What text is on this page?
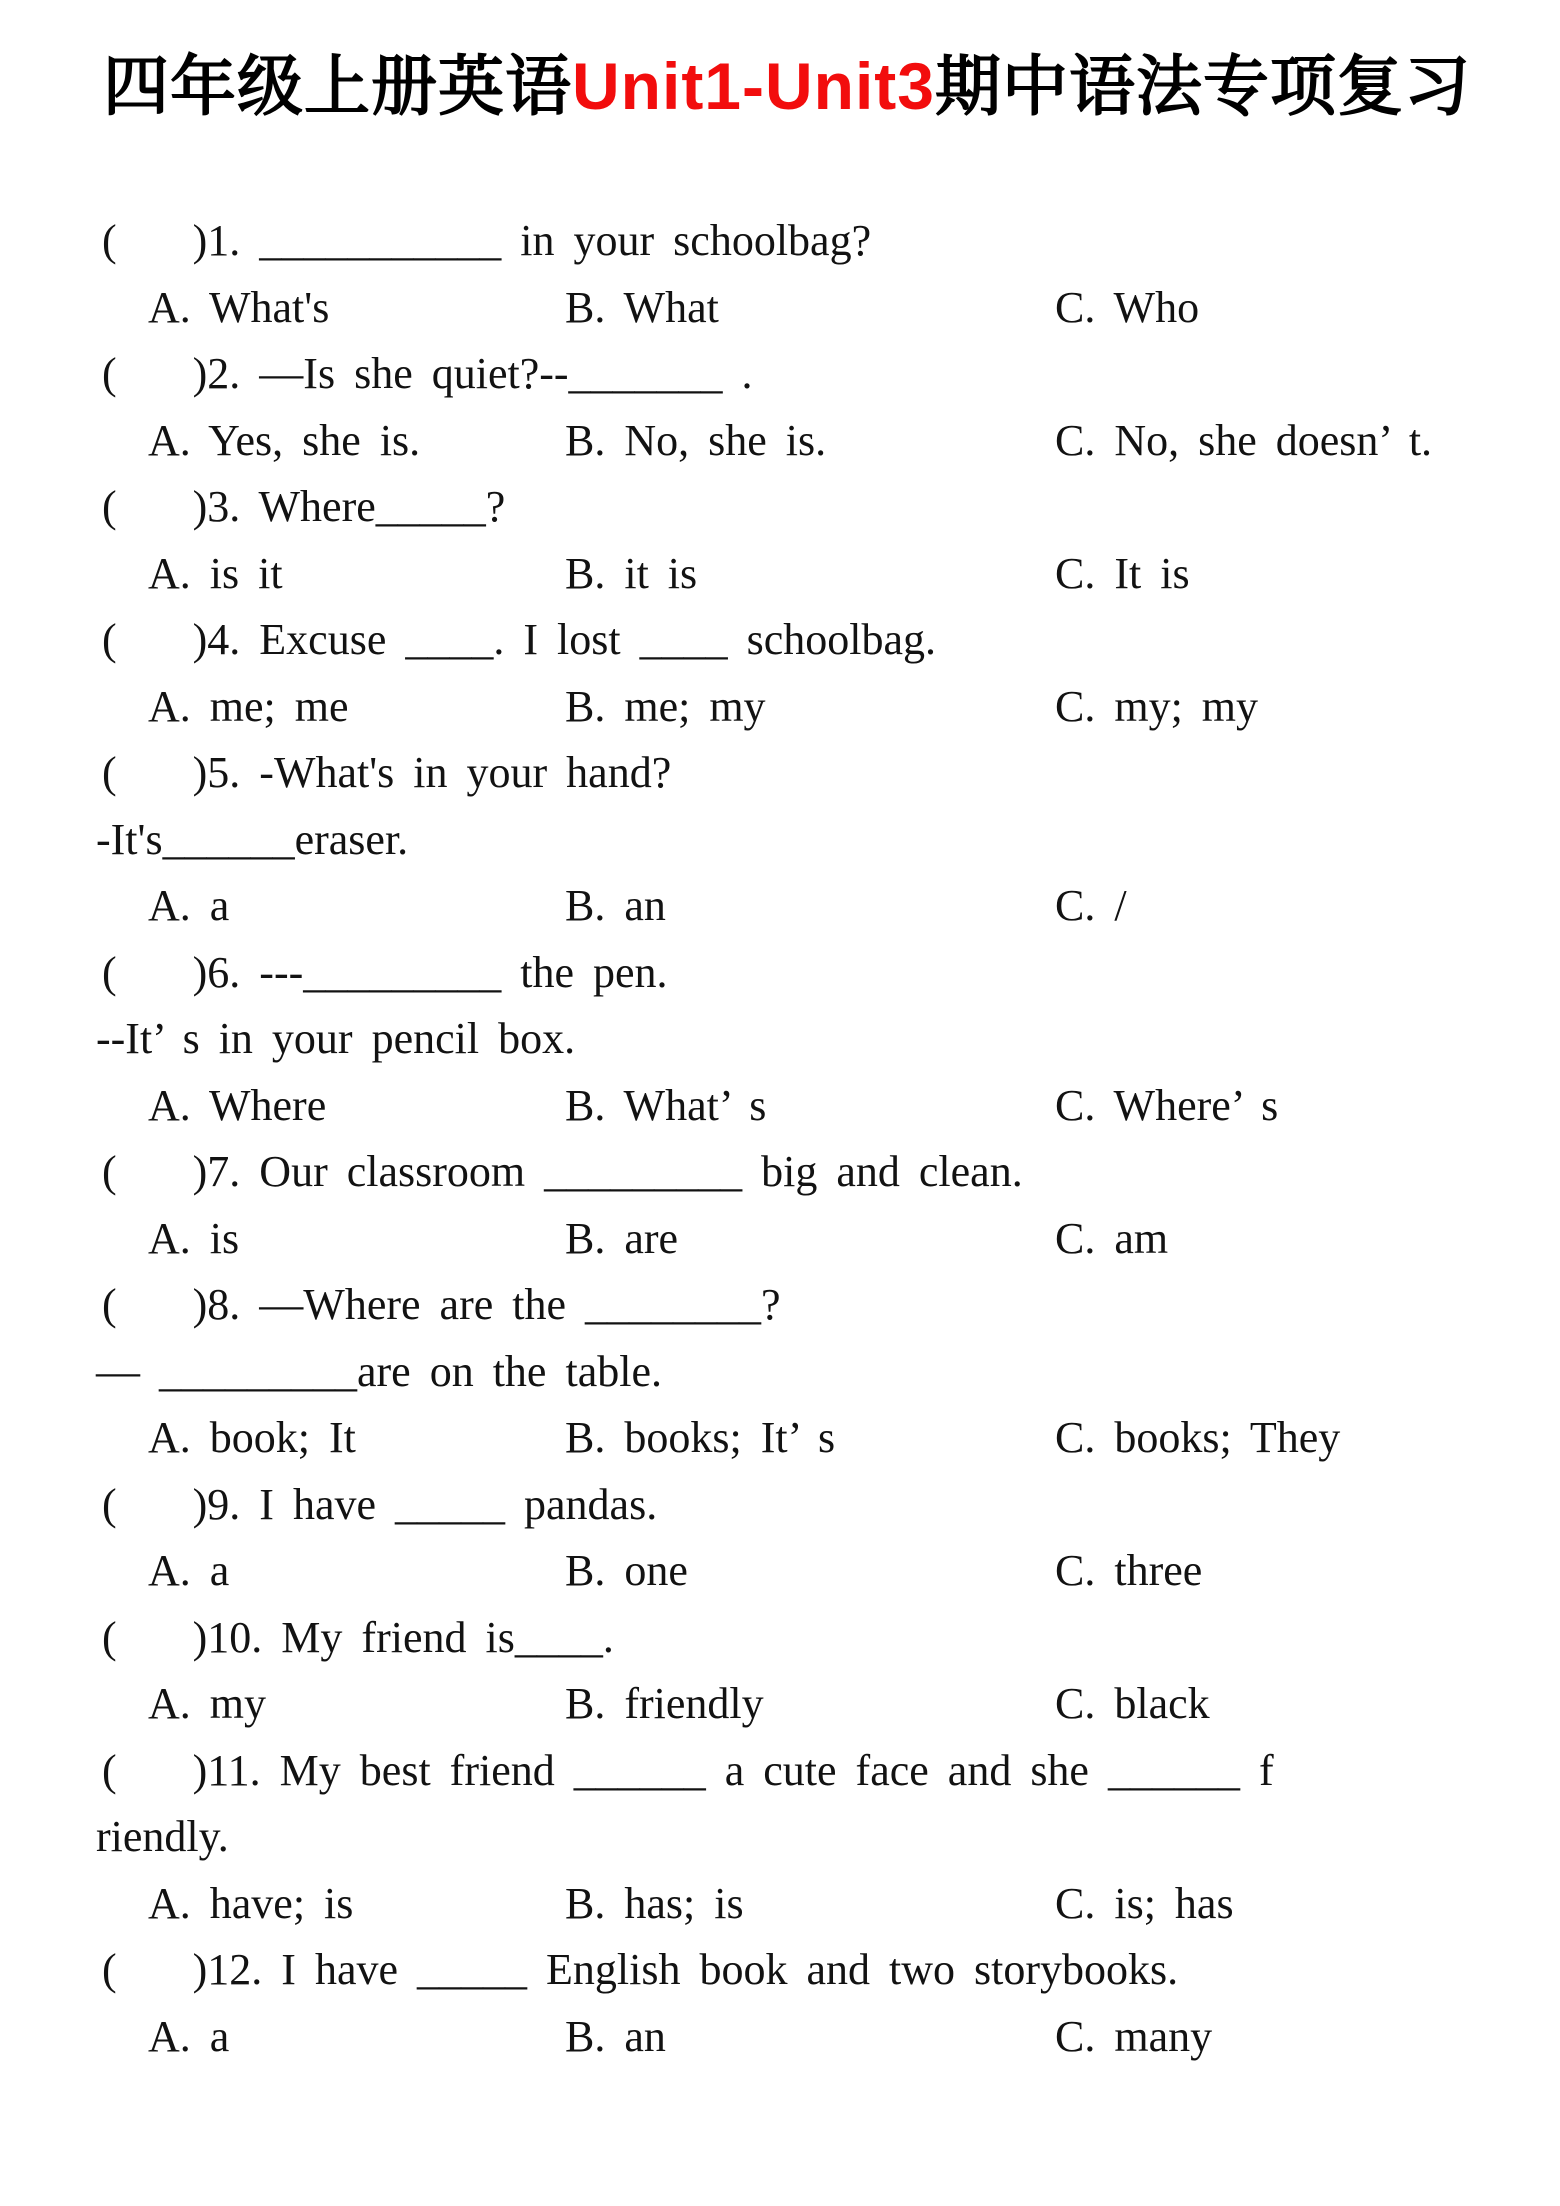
四年级上册英语Unit1-Unit3期中语法专项复习
(    )1. ___________ in your schoolbag?
A. What's	B. What	C. Who
(    )2. —Is she quiet?--_______ .
A. Yes, she is.	B. No, she is.	C. No, she doesn’ t.
(    )3. Where_____?
A. is it	B. it is	C. It is
(    )4. Excuse ____. I lost ____ schoolbag.
A. me; me	B. me; my	C. my; my
(    )5. -What's in your hand?
-It's______eraser.
A. a	B. an	C. /
(    )6. ---_________ the pen.
--It’ s in your pencil box.
A. Where	B. What’ s	C. Where’ s
(    )7. Our classroom _________ big and clean.
A. is	B. are	C. am
(    )8. —Where are the ________?
— _________are on the table.
A. book; It	B. books; It’ s	C. books; They
(    )9. I have _____ pandas.
A. a	B. one	C. three
(    )10. My friend is____.
A. my	B. friendly	C. black
(    )11. My best friend ______ a cute face and she ______ f
riendly.
A. have; is	B. has; is	C. is; has
(    )12. I have _____ English book and two storybooks.
A. a	B. an	C. many
